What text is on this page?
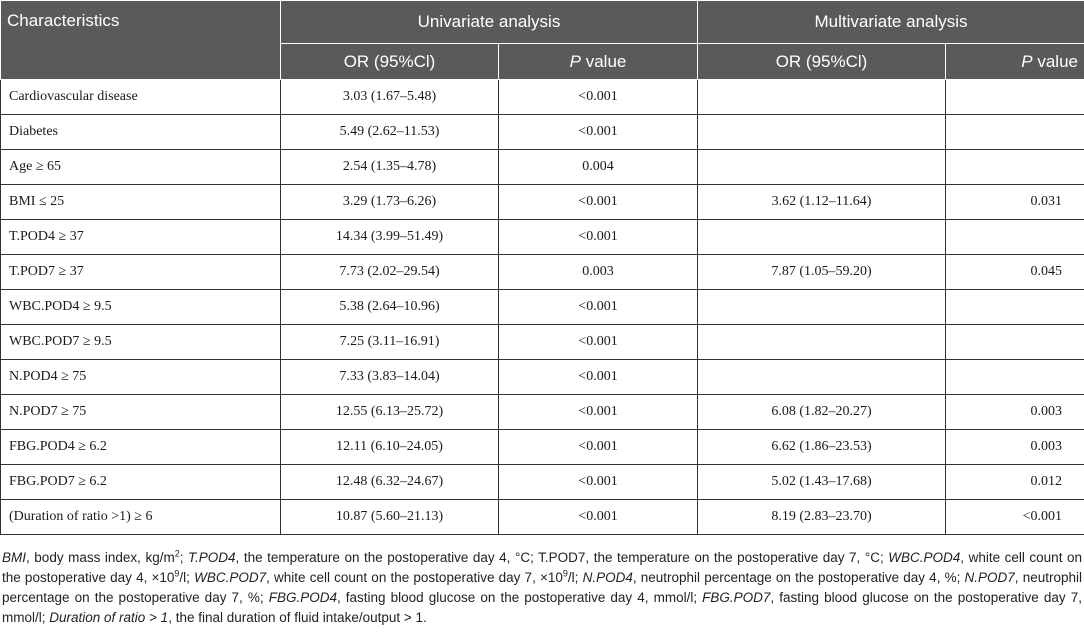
Characteristics	Univariate analysis		Multivariate analysis	
	OR (95%Cl)	P value	OR (95%Cl)	P value
Cardiovascular disease	3.03 (1.67–5.48)	<0.001		
Diabetes	5.49 (2.62–11.53)	<0.001		
Age ≥ 65	2.54 (1.35–4.78)	0.004		
BMI ≤ 25	3.29 (1.73–6.26)	<0.001	3.62 (1.12–11.64)	0.031
T.POD4 ≥ 37	14.34 (3.99–51.49)	<0.001		
T.POD7 ≥ 37	7.73 (2.02–29.54)	0.003	7.87 (1.05–59.20)	0.045
WBC.POD4 ≥ 9.5	5.38 (2.64–10.96)	<0.001		
WBC.POD7 ≥ 9.5	7.25 (3.11–16.91)	<0.001		
N.POD4 ≥ 75	7.33 (3.83–14.04)	<0.001		
N.POD7 ≥ 75	12.55 (6.13–25.72)	<0.001	6.08 (1.82–20.27)	0.003
FBG.POD4 ≥ 6.2	12.11 (6.10–24.05)	<0.001	6.62 (1.86–23.53)	0.003
FBG.POD7 ≥ 6.2	12.48 (6.32–24.67)	<0.001	5.02 (1.43–17.68)	0.012
(Duration of ratio >1) ≥ 6	10.87 (5.60–21.13)	<0.001	8.19 (2.83–23.70)	<0.001
BMI, body mass index, $kg/m^2$; T.POD4, the temperature on the postoperative day 4, °C; T.POD7, the temperature on the postoperative day 7, °C; WBC.POD4, white cell count on the postoperative day 4, $\times 10^9/l$; WBC.POD7, white cell count on the postoperative day 7, $\times 10^9/l$; N.POD4, neutrophil percentage on the postoperative day 4, %; N.POD7, neutrophil percentage on the postoperative day 7, %; FBG.POD4, fasting blood glucose on the postoperative day 4, mmol/l; FBG.POD7, fasting blood glucose on the postoperative day 7, mmol/l; Duration of ratio > 1, the final duration of fluid intake/output > 1.
